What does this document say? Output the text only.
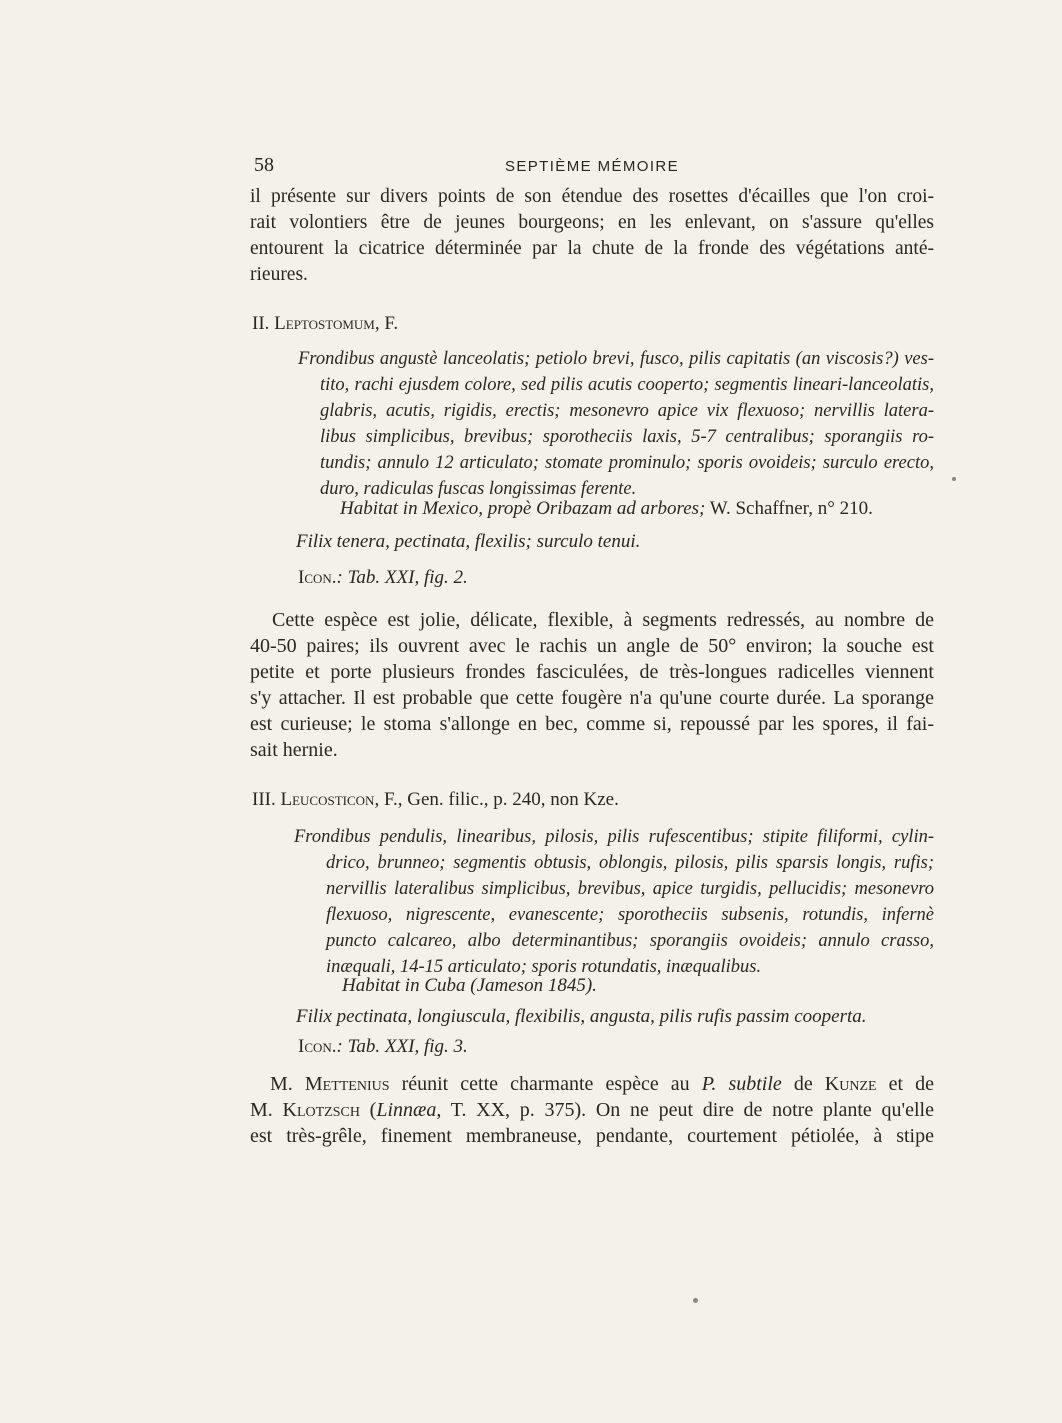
58	SEPTIÈME MÉMOIRE
il présente sur divers points de son étendue des rosettes d'écailles que l'on croi-
rait volontiers être de jeunes bourgeons; en les enlevant, on s'assure qu'elles
entourent la cicatrice déterminée par la chute de la fronde des végétations anté-
rieures.
II. Leptostomum, F.
Frondibus angustè lanceolatis; petiolo brevi, fusco, pilis capitatis (an viscosis?) ves-
tito, rachi ejusdem colore, sed pilis acutis cooperto; segmentis lineari-lanceolatis,
glabris, acutis, rigidis, erectis; mesonevro apice vix flexuoso; nervillis latera-
libus simplicibus, brevibus; sporotheciis laxis, 5-7 centralibus; sporangiis ro-
tundis; annulo 12 articulato; stomate prominulo; sporis ovoideis; surculo erecto,
duro, radiculas fuscas longissimas ferente.
Habitat in Mexico, propè Oribazam ad arbores; W. Schaffner, n° 210.
Filix tenera, pectinata, flexilis; surculo tenui.
Icon.: Tab. XXI, fig. 2.
Cette espèce est jolie, délicate, flexible, à segments redressés, au nombre de
40-50 paires; ils ouvrent avec le rachis un angle de 50° environ; la souche est
petite et porte plusieurs frondes fasciculées, de très-longues radicelles viennent
s'y attacher. Il est probable que cette fougère n'a qu'une courte durée. La sporange
est curieuse; le stoma s'allonge en bec, comme si, repoussé par les spores, il fai-
sait hernie.
III. Leucosticon, F., Gen. filic., p. 240, non Kze.
Frondibus pendulis, linearibus, pilosis, pilis rufescentibus; stipite filiformi, cylin-
drico, brunneo; segmentis obtusis, oblongis, pilosis, pilis sparsis longis, rufis;
nervillis lateralibus simplicibus, brevibus, apice turgidis, pellucidis; mesonevro
flexuoso, nigrescente, evanescente; sporotheciis subsenis, rotundis, infernè
puncto calcareo, albo determinantibus; sporangiis ovoideis; annulo crasso,
inæquali, 14-15 articulato; sporis rotundatis, inæqualibus.
Habitat in Cuba (Jameson 1845).
Filix pectinata, longiuscula, flexibilis, angusta, pilis rufis passim cooperta.
Icon.: Tab. XXI, fig. 3.
M. Mettenius réunit cette charmante espèce au P. subtile de Kunze et de
M. Klotzsch (Linnæa, T. XX, p. 375). On ne peut dire de notre plante qu'elle
est très-grêle, finement membraneuse, pendante, courtement pétiolée, à stipe
